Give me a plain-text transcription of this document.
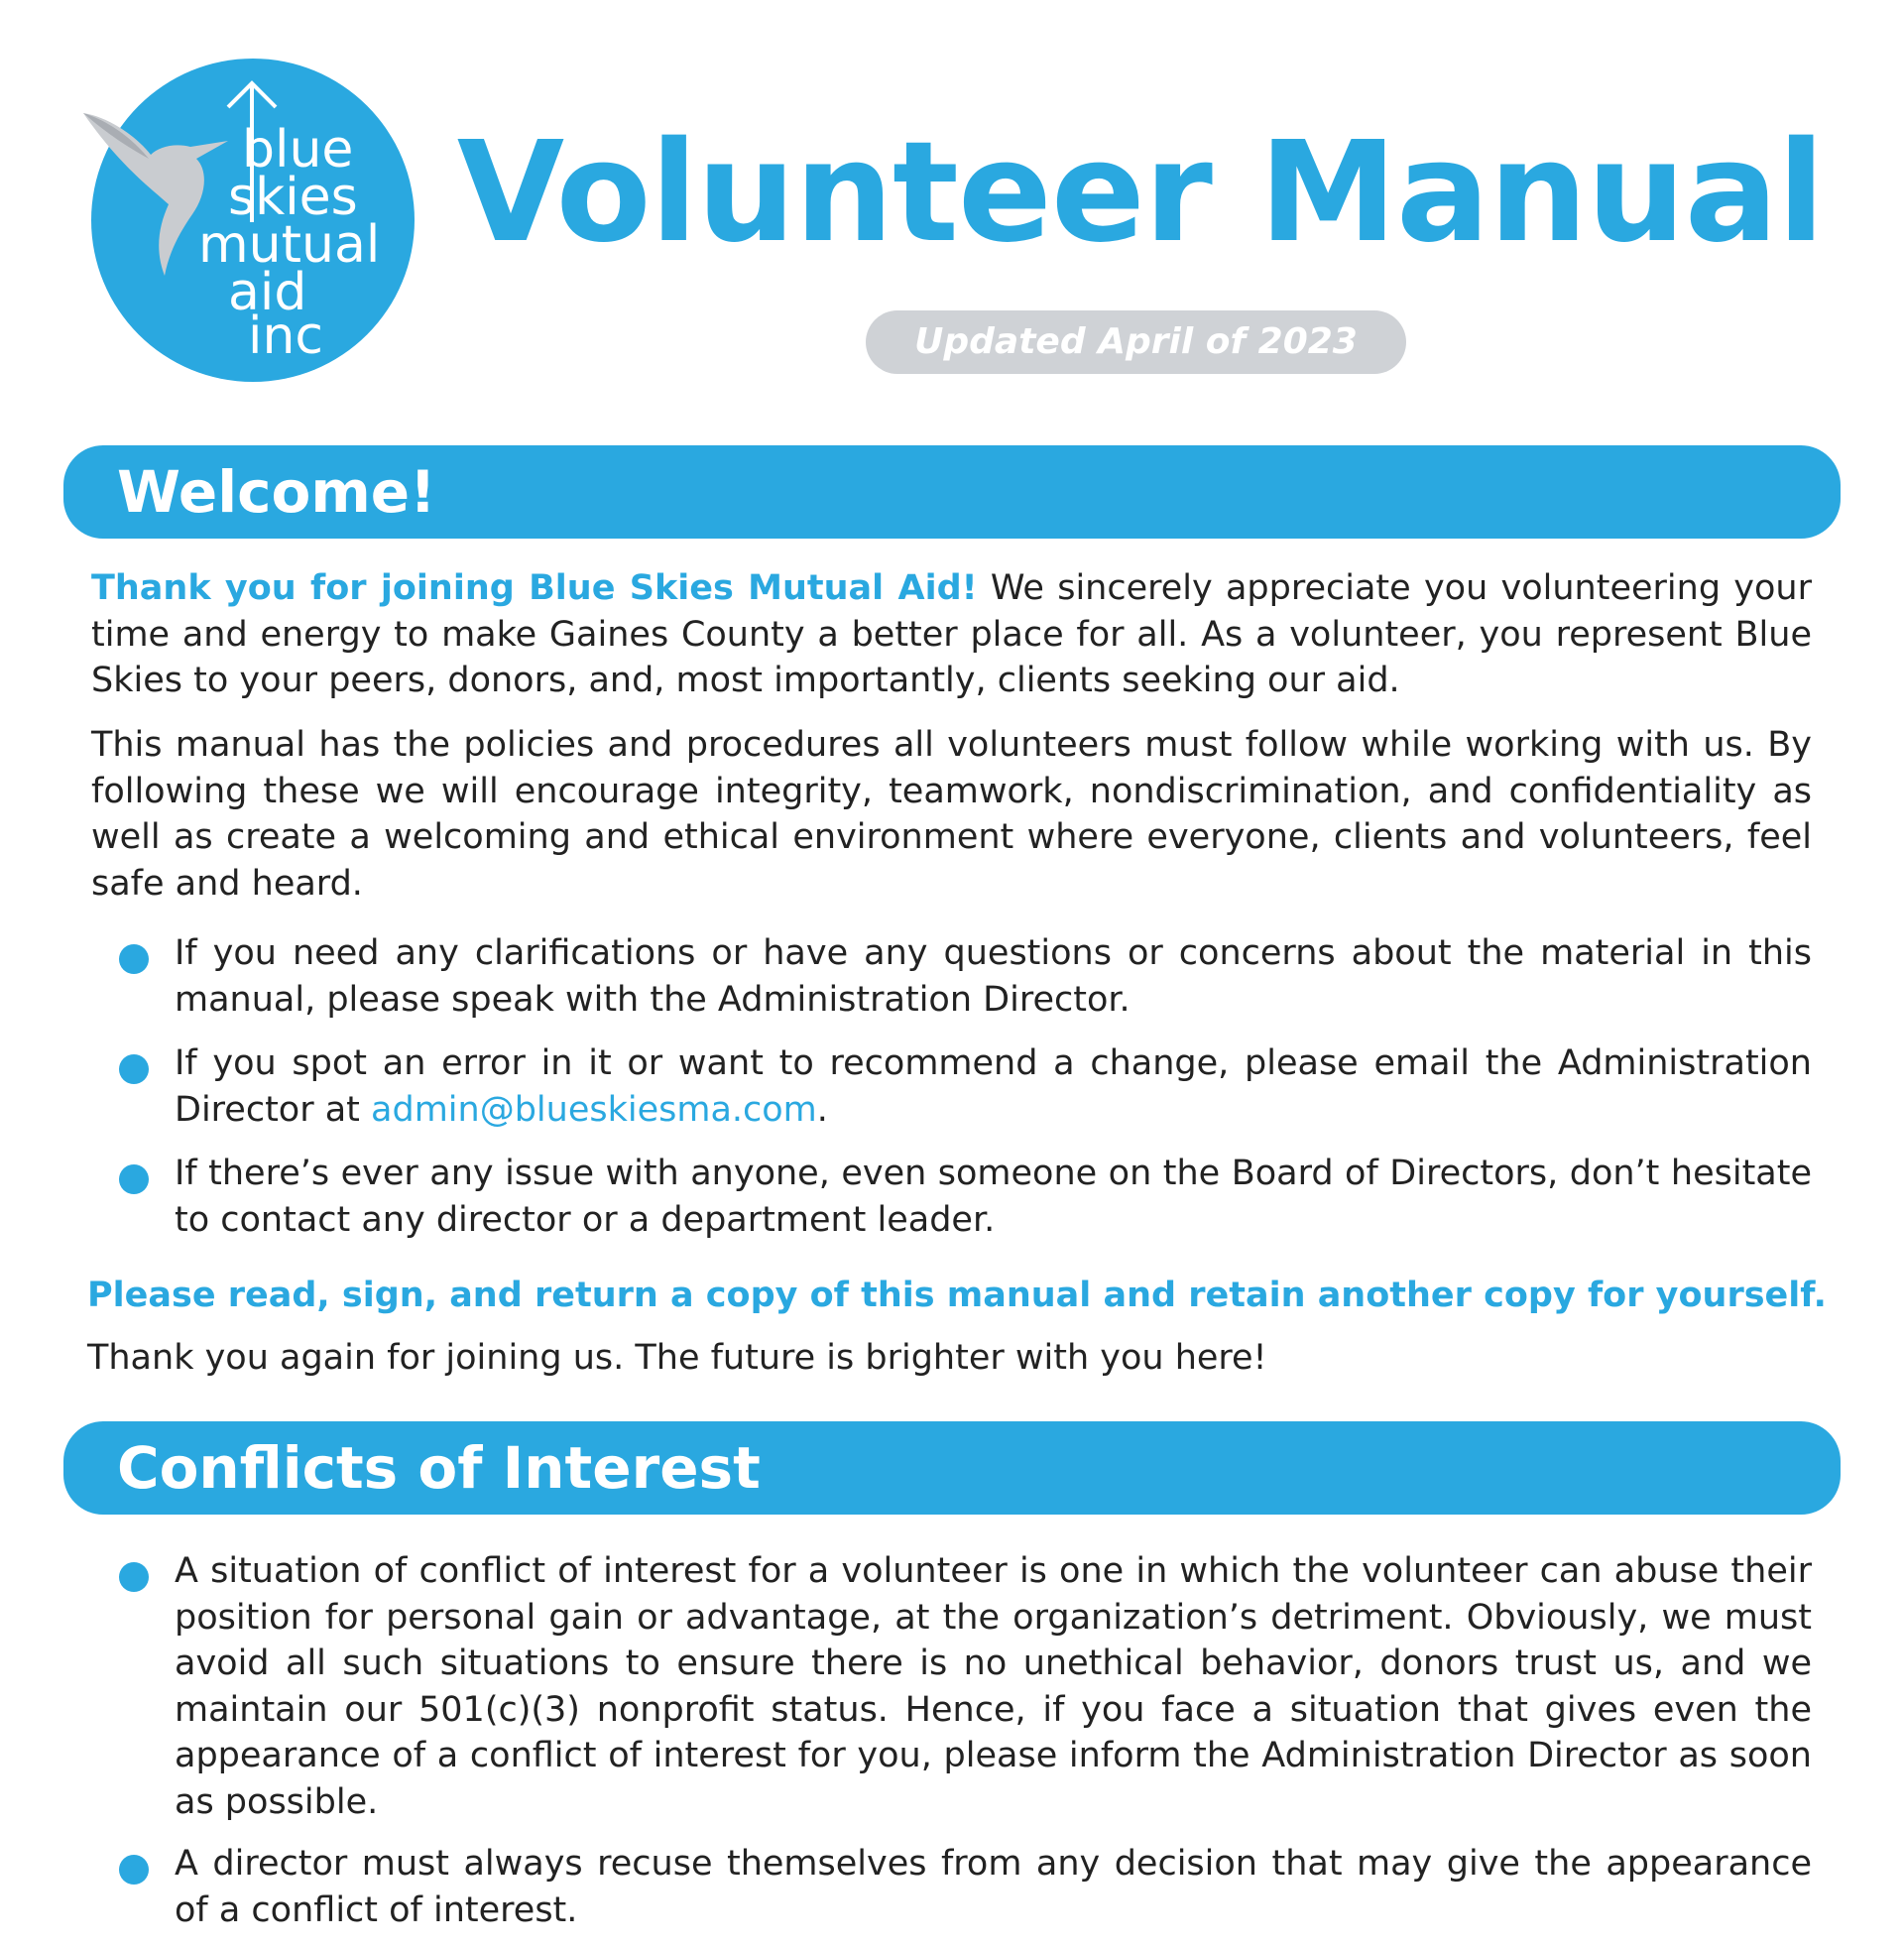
blue
skies
mutual
aid
inc
Volunteer Manual
Updated April of 2023
Welcome!

Thank you for joining Blue Skies Mutual Aid! We sincerely appreciate you volunteering your time and energy to make Gaines County a better place for all. As a volunteer, you represent Blue Skies to your peers, donors, and, most importantly, clients seeking our aid.

This manual has the policies and procedures all volunteers must follow while working with us. By following these we will encourage integrity, teamwork, nondiscrimination, and confidentiality as well as create a welcoming and ethical environment where everyone, clients and volunteers, feel safe and heard.

If you need any clarifications or have any questions or concerns about the material in this manual, please speak with the Administration Director.
If you spot an error in it or want to recommend a change, please email the Administration Director at admin@blueskiesma.com.
If there’s ever any issue with anyone, even someone on the Board of Directors, don’t hesitate to contact any director or a department leader.

Please read, sign, and return a copy of this manual and retain another copy for yourself.

Thank you again for joining us. The future is brighter with you here!

Conflicts of Interest
A situation of conflict of interest for a volunteer is one in which the volunteer can abuse their position for personal gain or advantage, at the organization’s detriment. Obviously, we must avoid all such situations to ensure there is no unethical behavior, donors trust us, and we maintain our 501(c)(3) nonprofit status. Hence, if you face a situation that gives even the appearance of a conflict of interest for you, please inform the Administration Director as soon as possible.
A director must always recuse themselves from any decision that may give the appearance of a conflict of interest.
